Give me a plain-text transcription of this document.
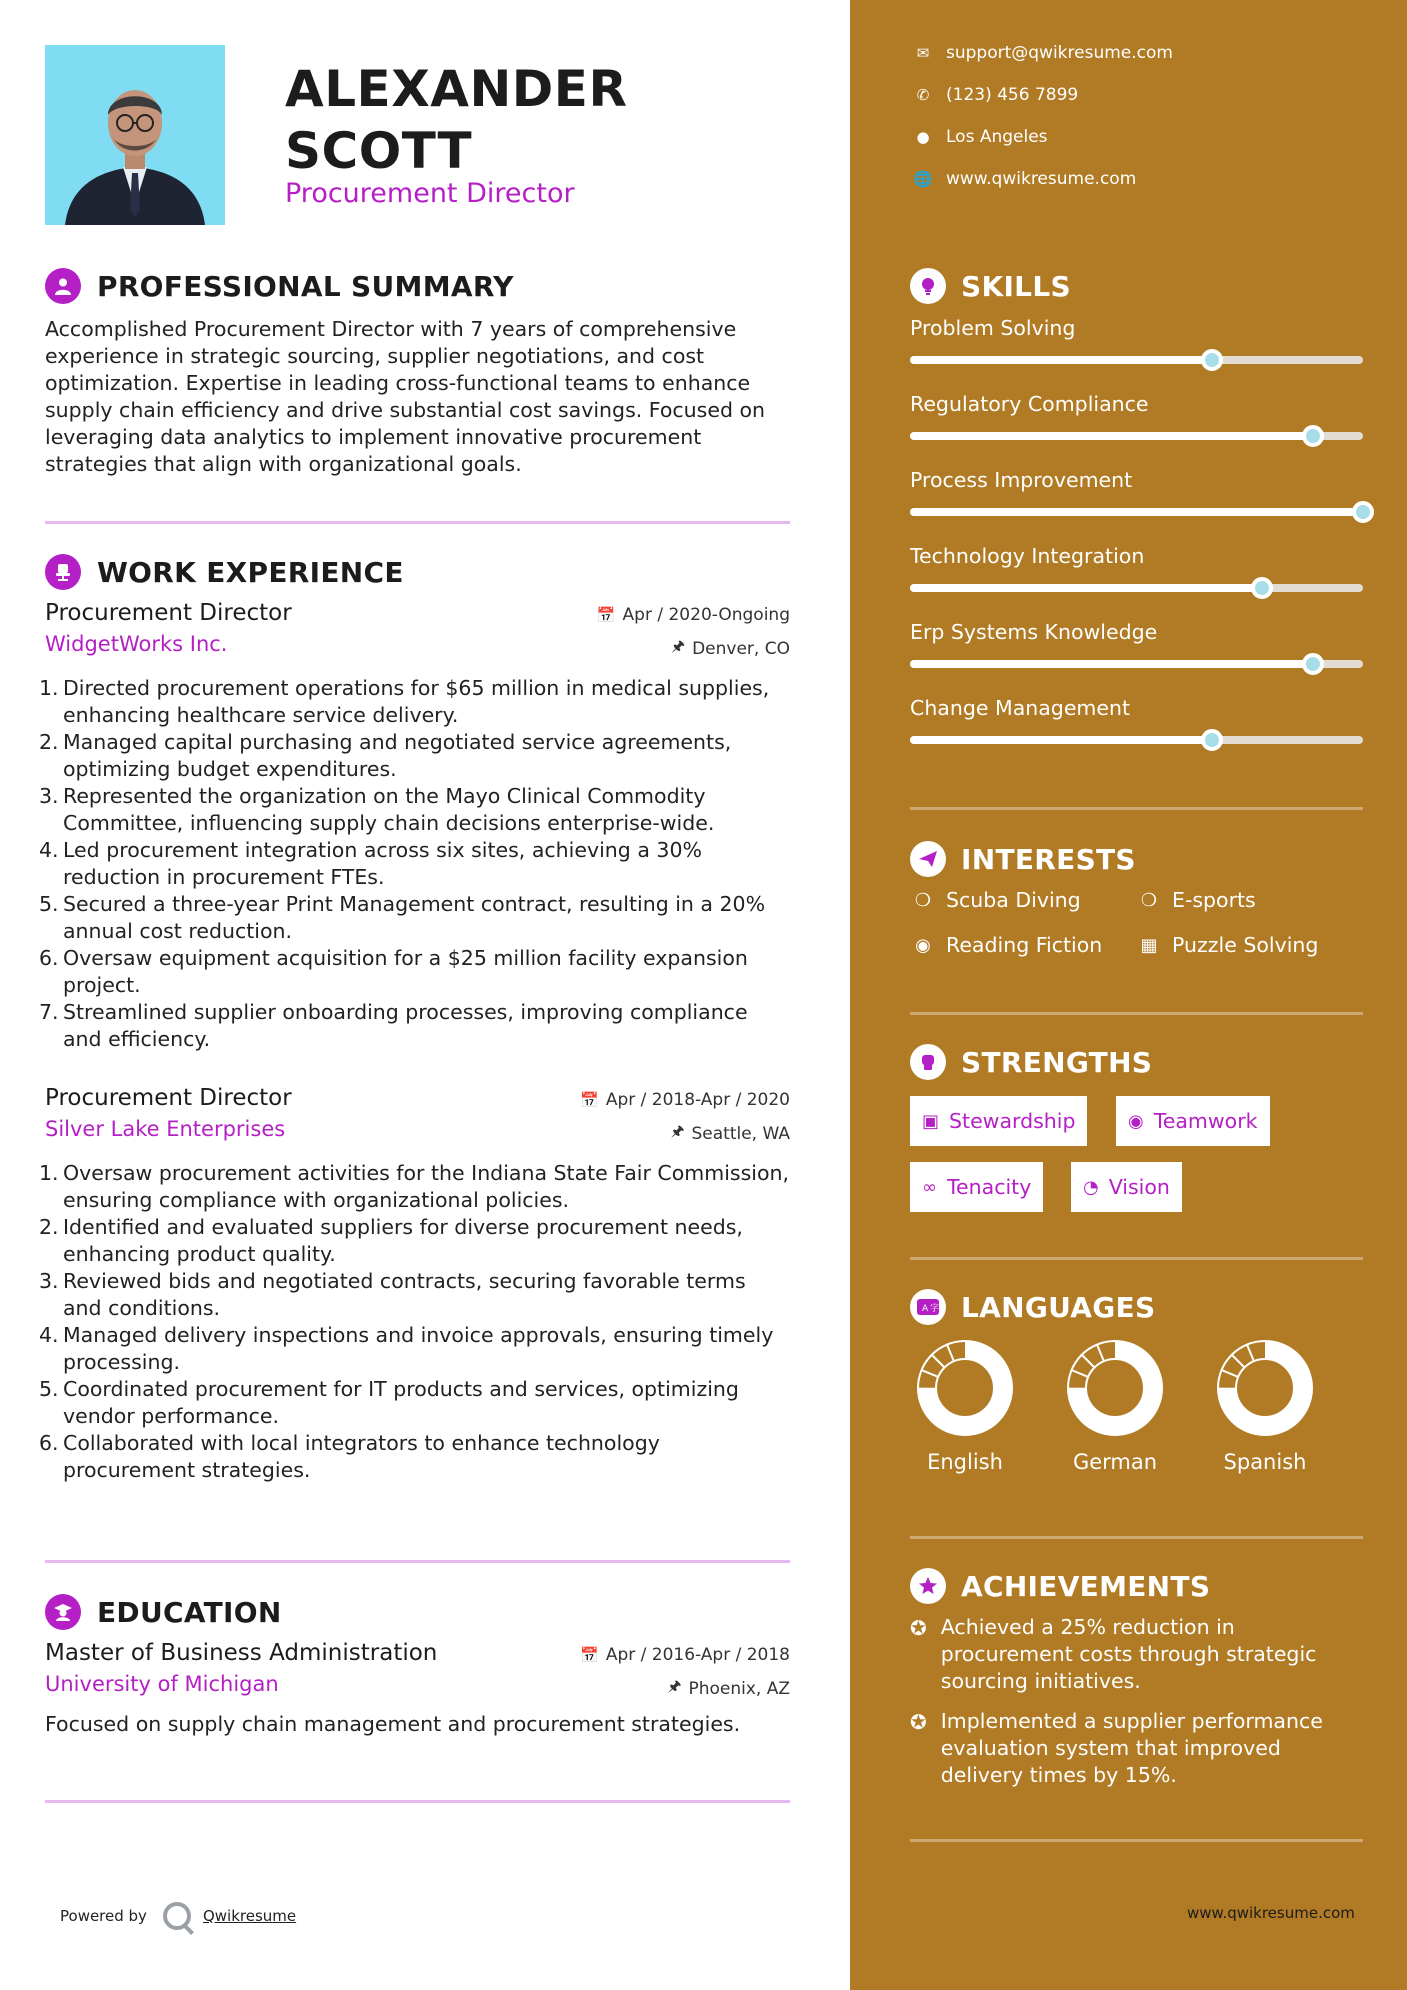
ALEXANDER
SCOTT
Procurement Director
PROFESSIONAL SUMMARY
Accomplished Procurement Director with 7 years of comprehensive experience in strategic sourcing, supplier negotiations, and cost optimization. Expertise in leading cross-functional teams to enhance supply chain efficiency and drive substantial cost savings. Focused on leveraging data analytics to implement innovative procurement strategies that align with organizational goals.
WORK EXPERIENCE
Procurement Director	📅 Apr / 2020-Ongoing
WidgetWorks Inc.	🖈 Denver, CO
1. Directed procurement operations for $65 million in medical supplies, enhancing healthcare service delivery.
2. Managed capital purchasing and negotiated service agreements, optimizing budget expenditures.
3. Represented the organization on the Mayo Clinical Commodity Committee, influencing supply chain decisions enterprise-wide.
4. Led procurement integration across six sites, achieving a 30% reduction in procurement FTEs.
5. Secured a three-year Print Management contract, resulting in a 20% annual cost reduction.
6. Oversaw equipment acquisition for a $25 million facility expansion project.
7. Streamlined supplier onboarding processes, improving compliance and efficiency.
Procurement Director	📅 Apr / 2018-Apr / 2020
Silver Lake Enterprises	🖈 Seattle, WA
1. Oversaw procurement activities for the Indiana State Fair Commission, ensuring compliance with organizational policies.
2. Identified and evaluated suppliers for diverse procurement needs, enhancing product quality.
3. Reviewed bids and negotiated contracts, securing favorable terms and conditions.
4. Managed delivery inspections and invoice approvals, ensuring timely processing.
5. Coordinated procurement for IT products and services, optimizing vendor performance.
6. Collaborated with local integrators to enhance technology procurement strategies.
EDUCATION
Master of Business Administration	📅 Apr / 2016-Apr / 2018
University of Michigan	🖈 Phoenix, AZ
Focused on supply chain management and procurement strategies.
Powered by	Qwikresume
✉ support@qwikresume.com
✆ (123) 456 7899
● Los Angeles
🌐 www.qwikresume.com
SKILLS
Problem Solving
Regulatory Compliance
Process Improvement
Technology Integration
Erp Systems Knowledge
Change Management
INTERESTS
❍ Scuba Diving	❍ E-sports
◉ Reading Fiction ▦ Puzzle Solving
STRENGTHS
▣ Stewardship	◉ Teamwork
∞ Tenacity	◔ Vision
A 字 LANGUAGES
English	German	Spanish
ACHIEVEMENTS
✪ Achieved a 25% reduction in procurement costs through strategic sourcing initiatives.
✪ Implemented a supplier performance evaluation system that improved delivery times by 15%.
www.qwikresume.com
